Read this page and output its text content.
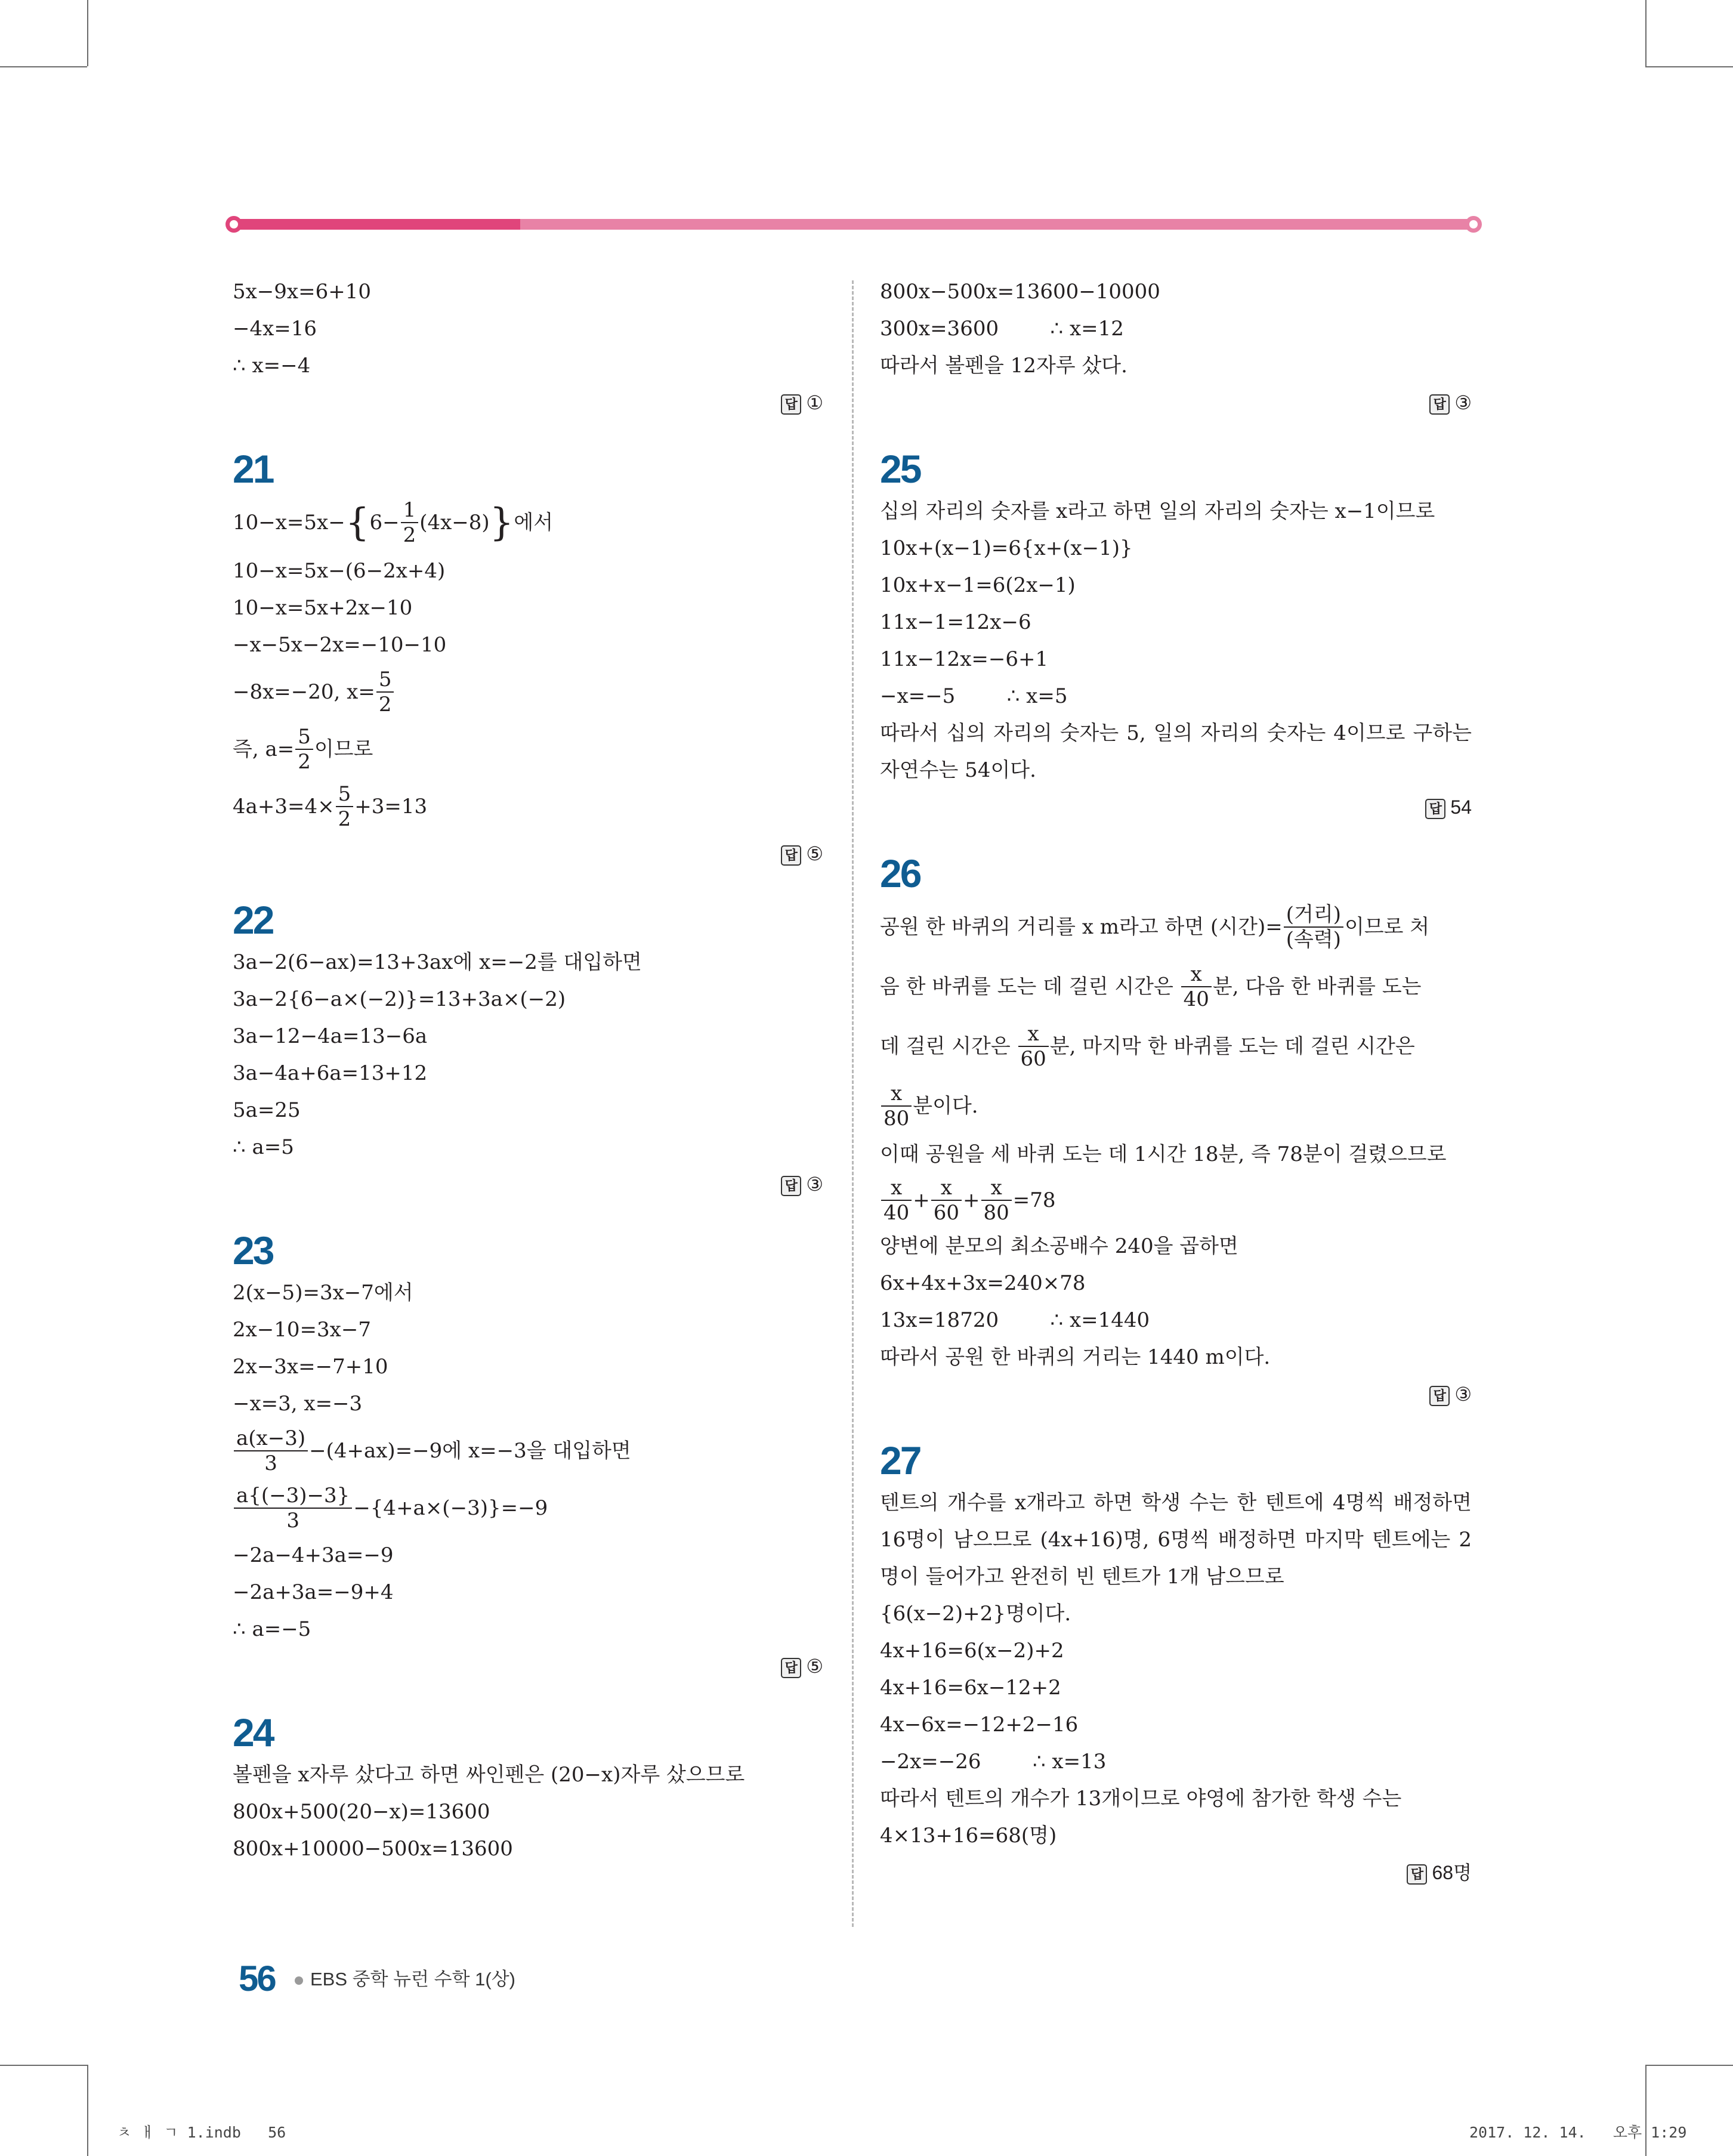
5x−9x=6+10
−4x=16
∴ x=−4
답 ①
21
10−x=5x− { $6- \frac{1}{2} (4x-8)$ } 에서
10−x=5x−(6−2x+4)
10−x=5x+2x−10
−x−5x−2x=−10−10
−8x=−20, $x= \frac{5}{2}$
즉, $a= \frac{5}{2}$ 이므로
$4a+3=4\times \frac{5}{2} +3=13$
답 ⑤
22
3a−2(6−ax)=13+3ax에 x=−2를 대입하면
3a−2{6−a×(−2)}=13+3a×(−2)
3a−12−4a=13−6a
3a−4a+6a=13+12
5a=25
∴ a=5
답 ③
23
2(x−5)=3x−7에서
2x−10=3x−7
2x−3x=−7+10
−x=3, x=−3
$\frac{a(x-3)}{3} -(4+ax)=-9$에 x=−3을 대입하면
$\frac{a\{(-3)-3\}}{3} -\{4+a\times(-3)\}=-9$
−2a−4+3a=−9
−2a+3a=−9+4
∴ a=−5
답 ⑤
24
볼펜을 x자루 샀다고 하면 싸인펜은 (20−x)자루 샀으므로
800x+500(20−x)=13600
800x+10000−500x=13600
800x−500x=13600−10000
300x=3600        ∴ x=12
따라서 볼펜을 12자루 샀다.
답 ③
25
십의 자리의 숫자를 x라고 하면 일의 자리의 숫자는 x−1이므로
10x+(x−1)=6{x+(x−1)}
10x+x−1=6(2x−1)
11x−1=12x−6
11x−12x=−6+1
−x=−5        ∴ x=5
따라서 십의 자리의 숫자는 5, 일의 자리의 숫자는 4이므로 구하는 자연수는 54이다.
답 54
26
공원 한 바퀴의 거리를 x m라고 하면 (시간)= $\frac{\text{(거리)}}{\text{(속력)}}$ 이므로 처
음 한 바퀴를 도는 데 걸린 시간은 $\frac{x}{40}$ 분, 다음 한 바퀴를 도는
데 걸린 시간은 $\frac{x}{60}$ 분, 마지막 한 바퀴를 도는 데 걸린 시간은
$\frac{x}{80}$ 분이다.
이때 공원을 세 바퀴 도는 데 1시간 18분, 즉 78분이 걸렸으므로
$\frac{x}{40} + \frac{x}{60} + \frac{x}{80} =78$
양변에 분모의 최소공배수 240을 곱하면
6x+4x+3x=240×78
13x=18720        ∴ x=1440
따라서 공원 한 바퀴의 거리는 1440 m이다.
답 ③
27
텐트의 개수를 x개라고 하면 학생 수는 한 텐트에 4명씩 배정하면 16명이 남으므로 (4x+16)명, 6명씩 배정하면 마지막 텐트에는 2명이 들어가고 완전히 빈 텐트가 1개 남으므로
{6(x−2)+2}명이다.
4x+16=6(x−2)+2
4x+16=6x−12+2
4x−6x=−12+2−16
−2x=−26        ∴ x=13
따라서 텐트의 개수가 13개이므로 야영에 참가한 학생 수는
4×13+16=68(명)
답 68명
56 EBS 중학 뉴런 수학 1(상)
ㅊ ㅐ ㄱ 1.indb   56	2017. 12. 14.   오후 1:29
